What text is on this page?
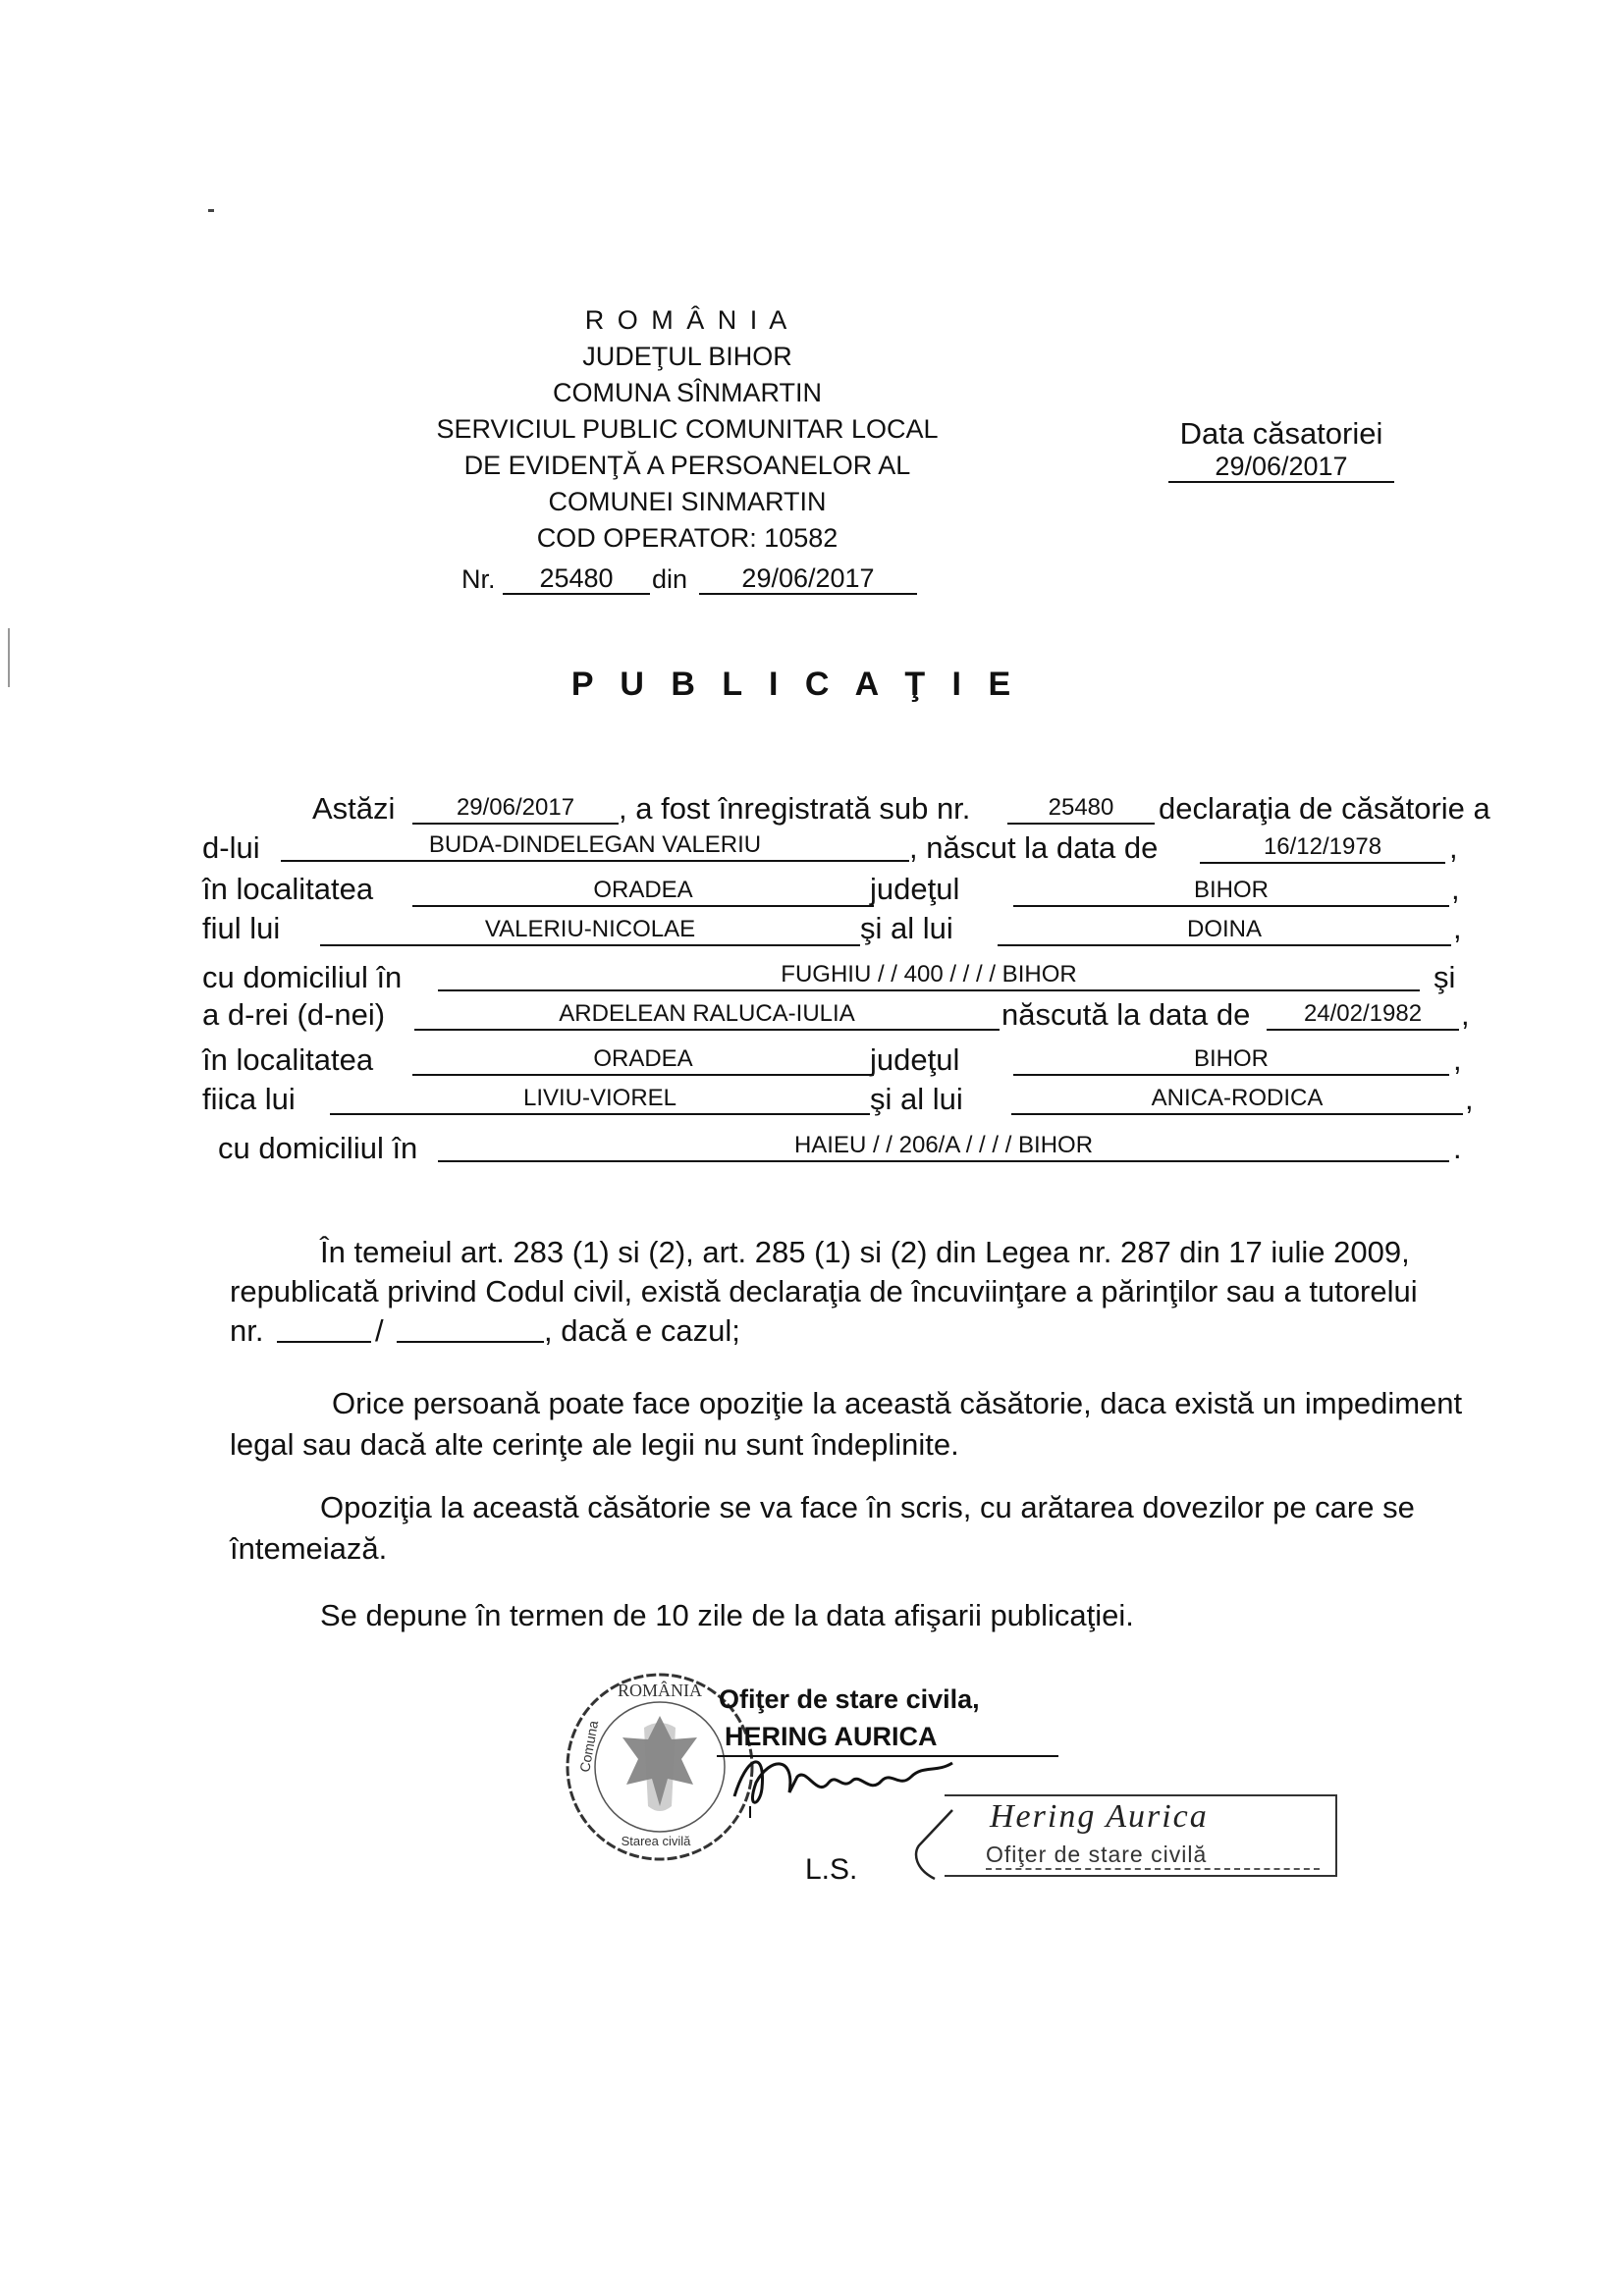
R O M Â N I A
JUDEŢUL BIHOR
COMUNA SÎNMARTIN
SERVICIUL PUBLIC COMUNITAR LOCAL
DE EVIDENŢĂ A PERSOANELOR AL
COMUNEI SINMARTIN
COD OPERATOR: 10582
Nr.	25480	din	29/06/2017
Data căsatoriei
29/06/2017
P U B L I C A Ţ I E
Astăzi	29/06/2017	, a fost înregistrată sub nr.	25480	declaraţia de căsătorie a
d-lui	BUDA-DINDELEGAN VALERIU	, născut la data de	16/12/1978	,
în localitatea	ORADEA	judeţul	BIHOR	,
fiul lui	VALERIU-NICOLAE	şi al lui	DOINA	,
cu domiciliul în	FUGHIU / / 400 / / / / BIHOR	şi
a d-rei (d-nei)	ARDELEAN RALUCA-IULIA	născută la data de	24/02/1982	,
în localitatea	ORADEA	judeţul	BIHOR	,
fiica lui	LIVIU-VIOREL	şi al lui	ANICA-RODICA	,
cu domiciliul în	HAIEU / / 206/A / / / / BIHOR	.
În temeiul art. 283 (1) si (2), art. 285 (1) si (2) din Legea nr. 287 din 17 iulie 2009,
republicată privind Codul civil, există declaraţia de încuviinţare a părinţilor sau a tutorelui
nr.	/	, dacă e cazul;
Orice persoană poate face opoziţie la această căsătorie, daca există un impediment
legal sau dacă alte cerinţe ale legii nu sunt îndeplinite.
Opoziţia la această căsătorie se va face în scris, cu arătarea dovezilor pe care se
întemeiază.
Se depune în termen de 10 zile de la data afişarii publicaţiei.
ROMÂNIA
Comuna
Starea civilă
Ofiţer de stare civila,
HERING AURICA
L.S.
Hering Aurica
Ofiţer de stare civilă
